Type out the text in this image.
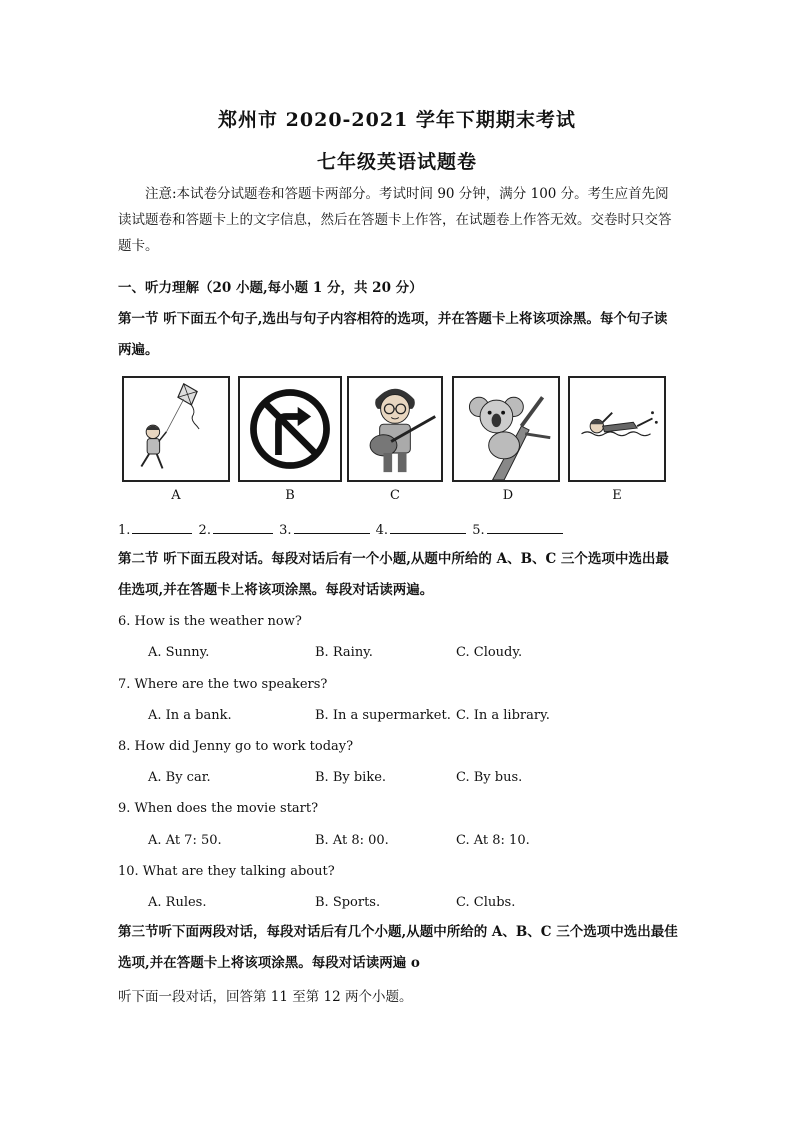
郑州市 2020-2021 学年下期期末考试
七年级英语试题卷
注意:本试卷分试题卷和答题卡两部分。考试时间 90 分钟，满分 100 分。考生应首先阅读试题卷和答题卡上的文字信息，然后在答题卡上作答，在试题卷上作答无效。交卷时只交答 题卡。
一、听力理解（20 小题,每小题 1 分，共 20 分）
第一节 听下面五个句子,选出与句子内容相符的选项，并在答题卡上将该项涂黑。每个句子读两遍。
A	B	C	D	E
1.	2.	3.	4.	5.
第二节 听下面五段对话。每段对话后有一个小题,从题中所给的 A、B、C 三个选项中选出最佳选项,并在答题卡上将该项涂黑。每段对话读两遍。
6. How is the weather now?
A. Sunny.	B. Rainy.	C. Cloudy.
7. Where are the two speakers?
A. In a bank.	B. In a supermarket. C. In a library.
8. How did Jenny go to work today?
A. By car.	B. By bike.	C. By bus.
9. When does the movie start?
A. At 7: 50.	B. At 8: 00.	C. At 8: 10.
10. What are they talking about?
A. Rules.	B. Sports.	C. Clubs.
第三节听下面两段对话，每段对话后有几个小题,从题中所给的 A、B、C 三个选项中选出最佳选项,并在答题卡上将该项涂黑。每段对话读两遍 o
听下面一段对话，回答第 11 至第 12 两个小题。
